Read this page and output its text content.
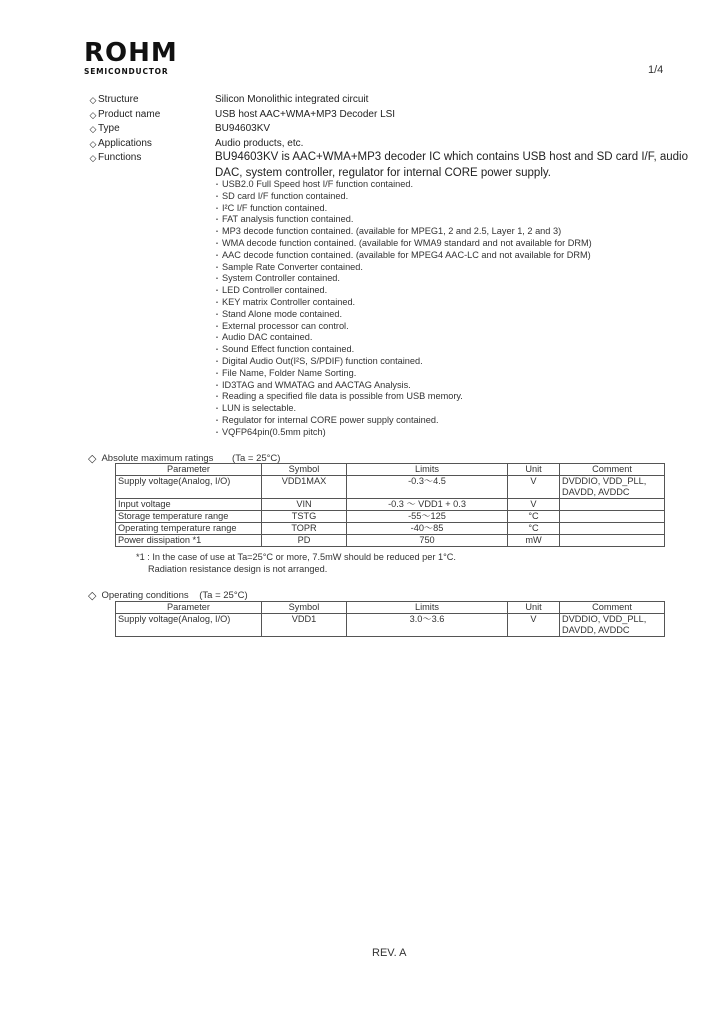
ROHM
SEMICONDUCTOR	1/4
◇ Structure	Silicon Monolithic integrated circuit
◇ Product name	USB host AAC+WMA+MP3 Decoder LSI
◇ Type	BU94603KV
◇ Applications	Audio products, etc.
◇ Functions	BU94603KV is AAC+WMA+MP3 decoder IC which contains USB host and SD card I/F, audio DAC, system controller, regulator for internal CORE power supply.
・USB2.0 Full Speed host I/F function contained.
・SD card I/F function contained.
・I²C I/F function contained.
・FAT analysis function contained.
・MP3 decode function contained. (available for MPEG1, 2 and 2.5, Layer 1, 2 and 3)
・WMA decode function contained. (available for WMA9 standard and not available for DRM)
・AAC decode function contained. (available for MPEG4 AAC-LC and not available for DRM)
・Sample Rate Converter contained.
・System Controller contained.
・LED Controller contained.
・KEY matrix Controller contained.
・Stand Alone mode contained.
・External processor can control.
・Audio DAC contained.
・Sound Effect function contained.
・Digital Audio Out(I²S, S/PDIF) function contained.
・File Name, Folder Name Sorting.
・ID3TAG and WMATAG and AACTAG Analysis.
・Reading a specified file data is possible from USB memory.
・LUN is selectable.
・Regulator for internal CORE power supply contained.
・VQFP64pin(0.5mm pitch)
◇ Absolute maximum ratings (Ta = 25°C)
Parameter	Symbol	Limits	Unit	Comment
Supply voltage(Analog, I/O)	VDD1MAX	-0.3～4.5	V	DVDDIO, VDD_PLL, DAVDD, AVDDC
Input voltage	VIN	-0.3 ～ VDD1 + 0.3	V	
Storage temperature range	TSTG	-55～125	°C	
Operating temperature range	TOPR	-40～85	°C	
Power dissipation *1	PD	750	mW	
*1 : In the case of use at Ta=25°C or more, 7.5mW should be reduced per 1°C.
Radiation resistance design is not arranged.
◇ Operating conditions (Ta = 25°C)
Parameter	Symbol	Limits	Unit	Comment
Supply voltage(Analog, I/O)	VDD1	3.0～3.6	V	DVDDIO, VDD_PLL, DAVDD, AVDDC
REV. A
